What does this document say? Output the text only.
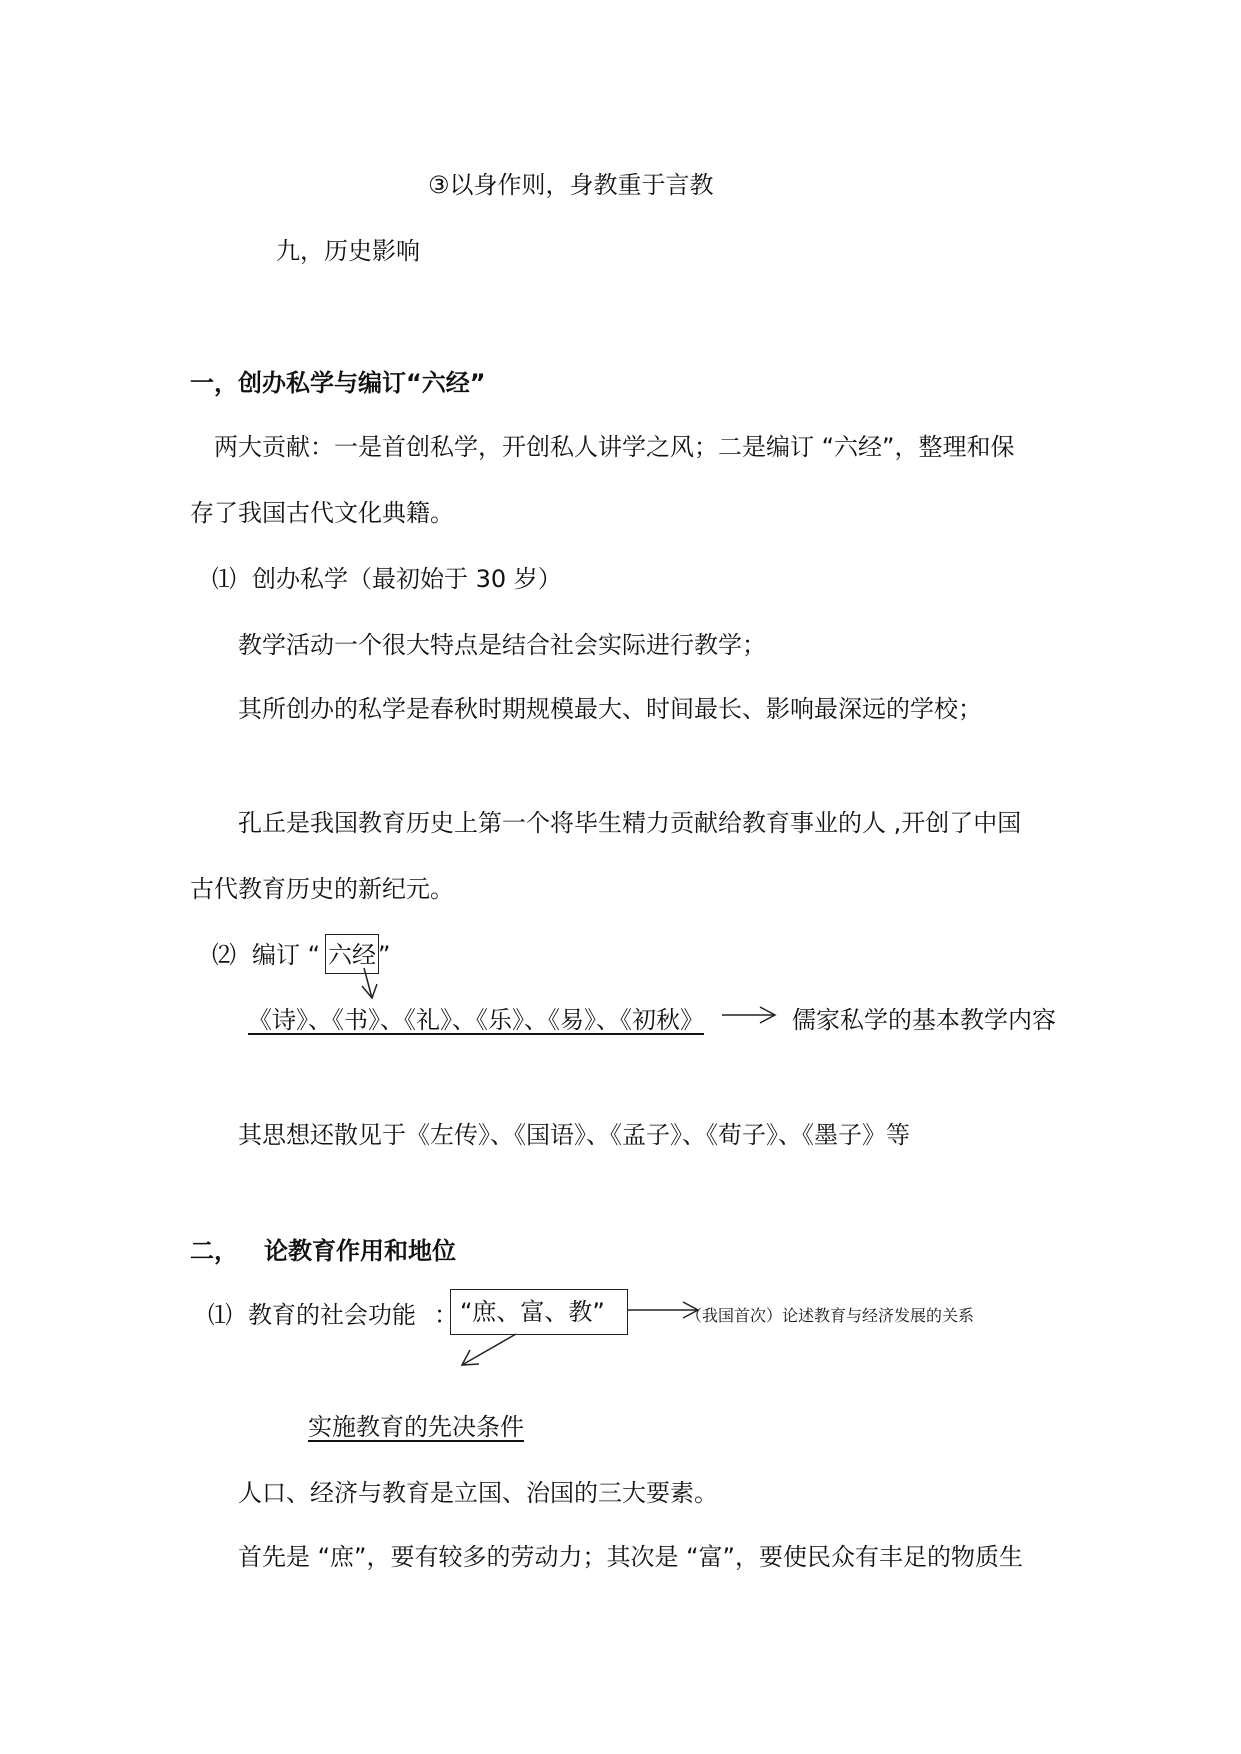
③以身作则，身教重于言教
九，历史影响
一，创办私学与编订“六经”
两大贡献：一是首创私学，开创私人讲学之风；二是编订 “六经”，整理和保
存了我国古代文化典籍。
⑴ 创办私学（最初始于 30 岁）
教学活动一个很大特点是结合社会实际进行教学；
其所创办的私学是春秋时期规模最大、时间最长、影响最深远的学校；
孔丘是我国教育历史上第一个将毕生精力贡献给教育事业的人 ,开创了中国
古代教育历史的新纪元。
⑵ 编订 “ 六经 ”
《诗》、《书》、《礼》、《乐》、《易》、《初秋》	儒家私学的基本教学内容
其思想还散见于《左传》、《国语》、《孟子》、《荀子》、《墨子》等
二， 论教育作用和地位
⑴ 教育的社会功能 ： “庶、富、教”	（我国首次）论述教育与经济发展的关系
实施教育的先决条件
人口、经济与教育是立国、治国的三大要素。
首先是 “庶”，要有较多的劳动力；其次是 “富”，要使民众有丰足的物质生
